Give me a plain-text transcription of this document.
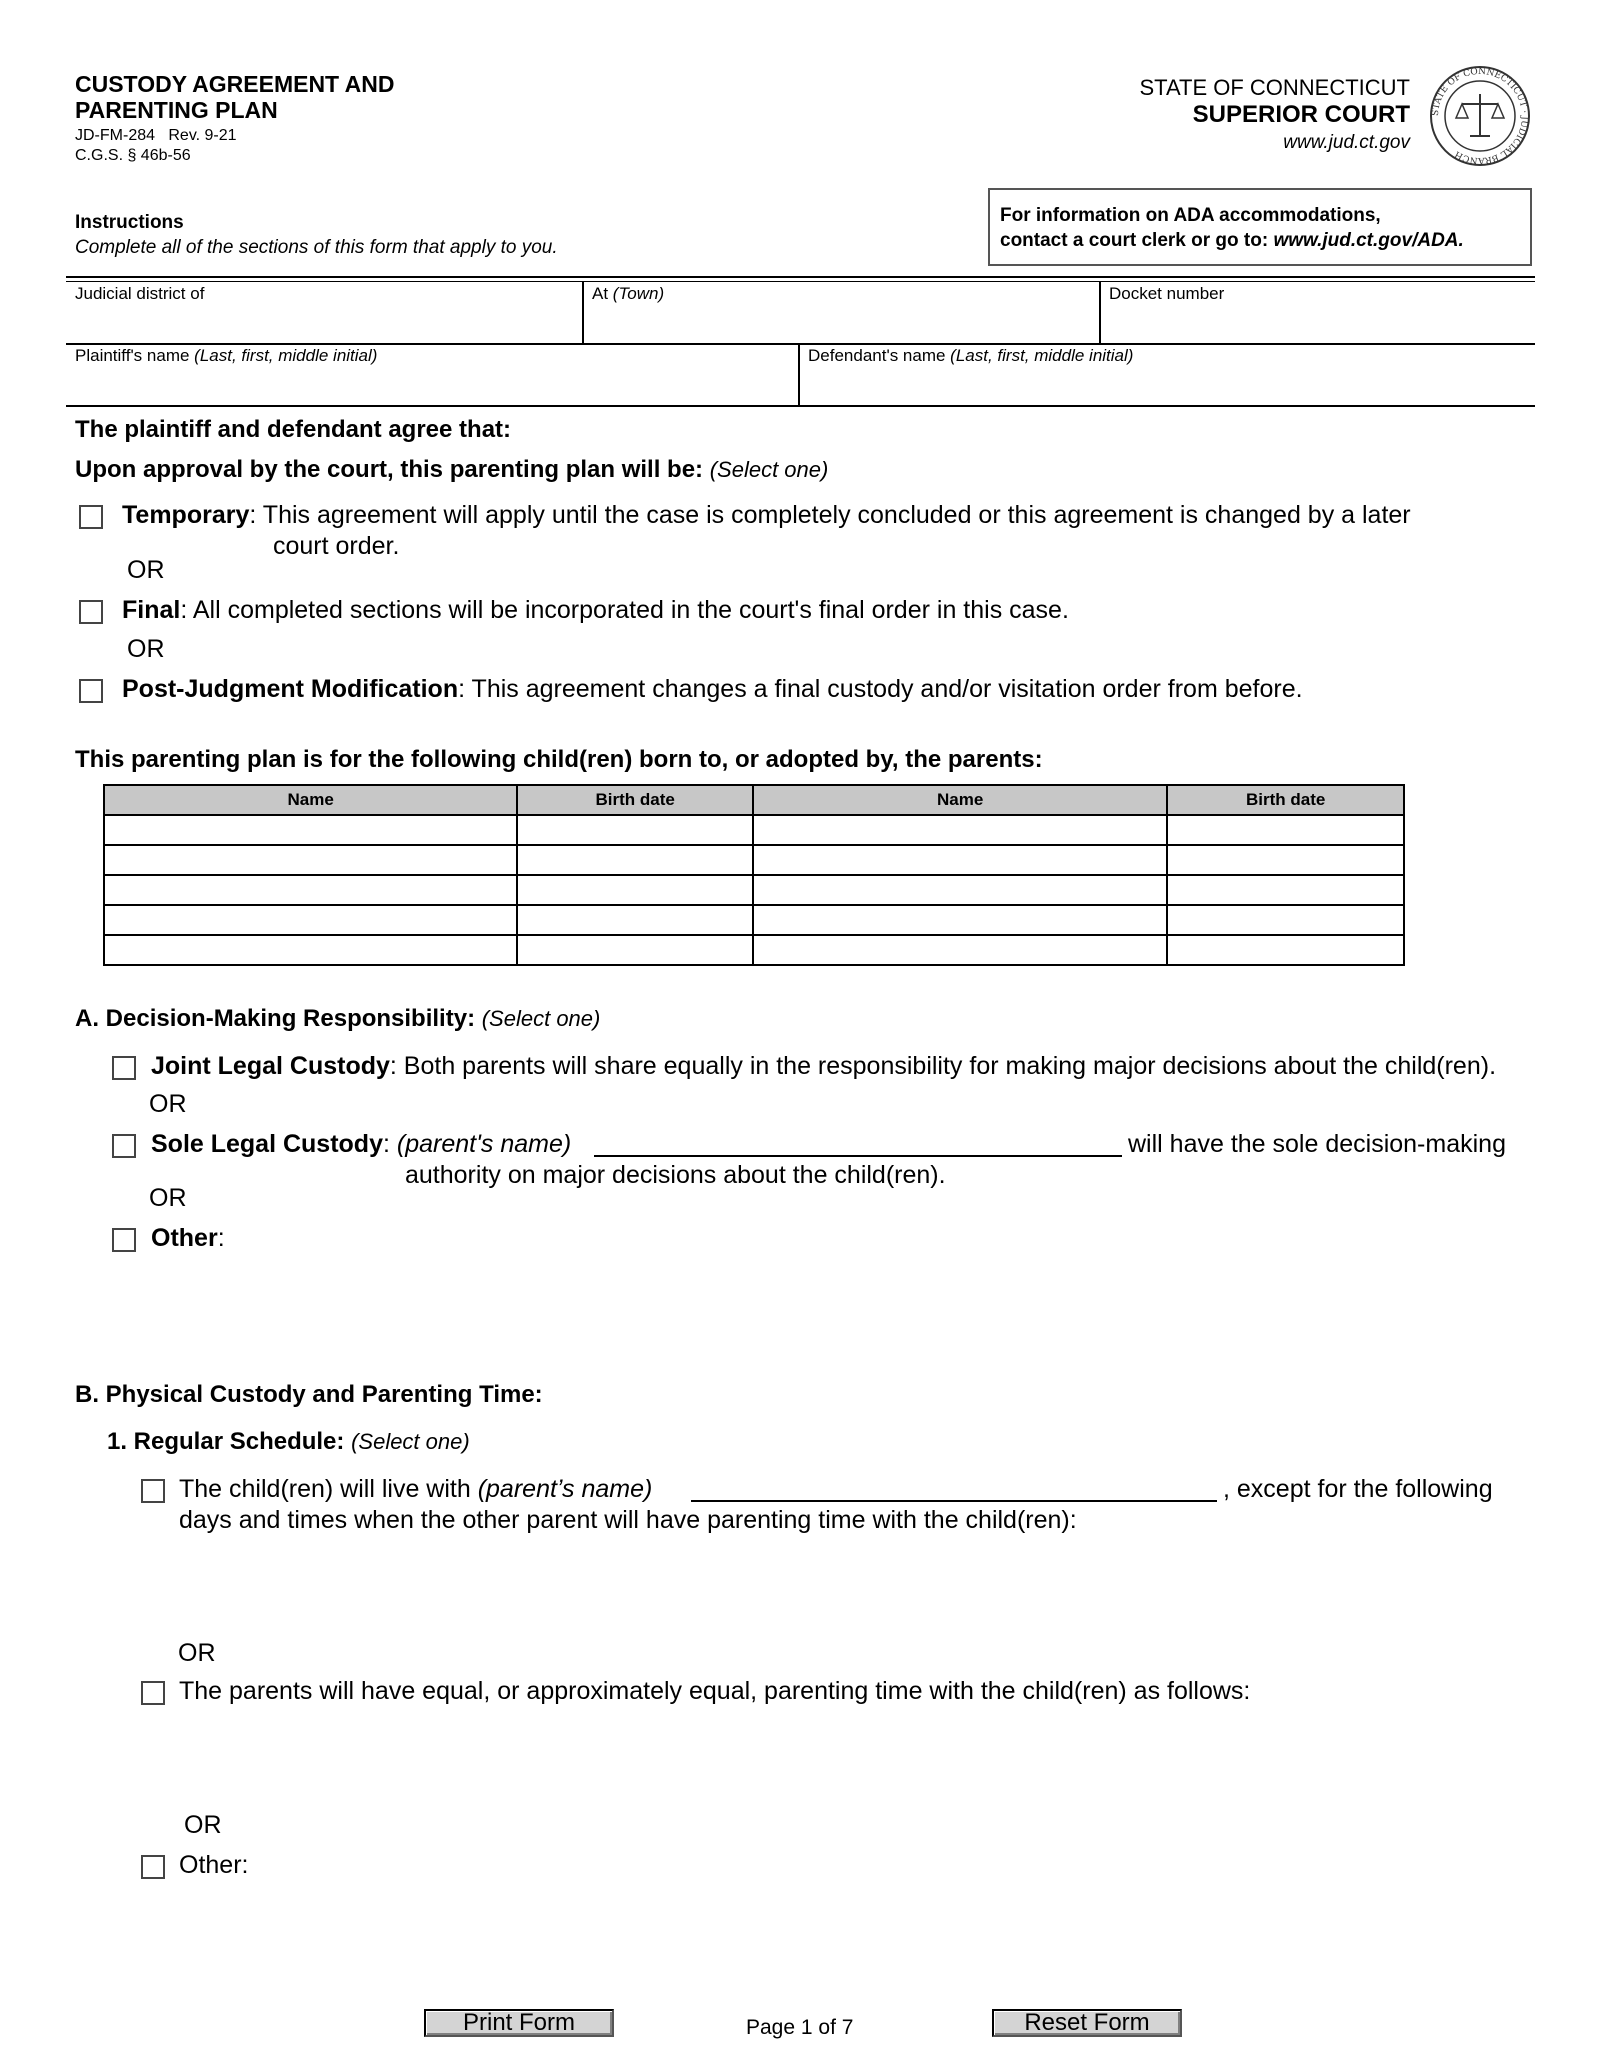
CUSTODY AGREEMENT AND
PARENTING PLAN
JD-FM-284 Rev. 9-21
C.G.S. § 46b-56
STATE OF CONNECTICUT
SUPERIOR COURT
www.jud.ct.gov
STATE OF CONNECTICUT · JUDICIAL BRANCH
Instructions
Complete all of the sections of this form that apply to you.
For information on ADA accommodations,
contact a court clerk or go to: www.jud.ct.gov/ADA.
Judicial district of	At (Town)	Docket number
Plaintiff's name (Last, first, middle initial)	Defendant's name (Last, first, middle initial)
The plaintiff and defendant agree that:
Upon approval by the court, this parenting plan will be: (Select one)
Temporary: This agreement will apply until the case is completely concluded or this agreement is changed by a later
court order.
OR
Final: All completed sections will be incorporated in the court's final order in this case.
OR
Post-Judgment Modification: This agreement changes a final custody and/or visitation order from before.
This parenting plan is for the following child(ren) born to, or adopted by, the parents:
Name	Birth date	Name	Birth date

A. Decision-Making Responsibility: (Select one)
Joint Legal Custody: Both parents will share equally in the responsibility for making major decisions about the child(ren).
OR
Sole Legal Custody: (parent's name)	will have the sole decision-making
authority on major decisions about the child(ren).
OR
Other:
B. Physical Custody and Parenting Time:
1. Regular Schedule: (Select one)
The child(ren) will live with (parent’s name)	, except for the following
days and times when the other parent will have parenting time with the child(ren):
OR
The parents will have equal, or approximately equal, parenting time with the child(ren) as follows:
OR
Other:
Print Form	Page 1 of 7	Reset Form
